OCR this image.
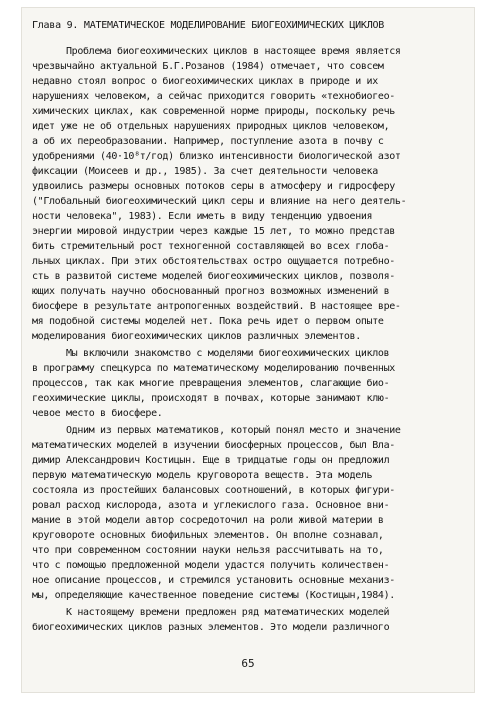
Глава 9. МАТЕМАТИЧЕСКОЕ МОДЕЛИРОВАНИЕ БИОГЕОХИМИЧЕСКИХ ЦИКЛОВ
Проблема биогеохимических циклов в настоящее время является
чрезвычайно актуальной Б.Г.Розанов (1984) отмечает, что совсем
недавно стоял вопрос о биогеохимических циклах в природе и их
нарушениях человеком, а сейчас приходится говорить «технобиогео-
химических циклах, как современной норме природы, поскольку речь
идет уже не об отдельных нарушениях природных циклов человеком,
а об их переобразовании. Например, поступление азота в почву с
удобрениями (40·10⁸т/год) близко интенсивности биологической азот
фиксации (Моисеев и др., 1985). За счет деятельности человека
удвоились размеры основных потоков серы в атмосферу и гидросферу
("Глобальный биогеохимический цикл серы и влияние на него деятель-
ности человека", 1983). Если иметь в виду тенденцию удвоения
энергии мировой индустрии через каждые 15 лет, то можно представ
бить стремительный рост техногенной составляющей во всех глоба-
льных циклах. При этих обстоятельствах остро ощущается потребно-
сть в развитой системе моделей биогеохимических циклов, позволя-
ющих получать научно обоснованный прогноз возможных изменений в
биосфере в результате антропогенных воздействий. В настоящее вре-
мя подобной системы моделей нет. Пока речь идет о первом опыте
моделирования биогеохимических циклов различных элементов.
Мы включили знакомство с моделями биогеохимических циклов
в программу спецкурса по математическому моделированию почвенных
процессов, так как многие превращения элементов, слагающие био-
геохимические циклы, происходят в почвах, которые занимают клю-
чевое место в биосфере.
Одним из первых математиков, который понял место и значение
математических моделей в изучении биосферных процессов, был Вла-
димир Александрович Костицын. Еще в тридцатые годы он предложил
первую математическую модель круговорота веществ. Эта модель
состояла из простейших балансовых соотношений, в которых фигури-
ровал расход кислорода, азота и углекислого газа. Основное вни-
мание в этой модели автор сосредоточил на роли живой материи в
круговороте основных биофильных элементов. Он вполне сознавал,
что при современном состоянии науки нельзя рассчитывать на то,
что с помощью предложенной модели удастся получить количествен-
ное описание процессов, и стремился установить основные механиз-
мы, определяющие качественное поведение системы (Костицын,1984).
К настоящему времени предложен ряд математических моделей
биогеохимических циклов разных элементов. Это модели различного
65
